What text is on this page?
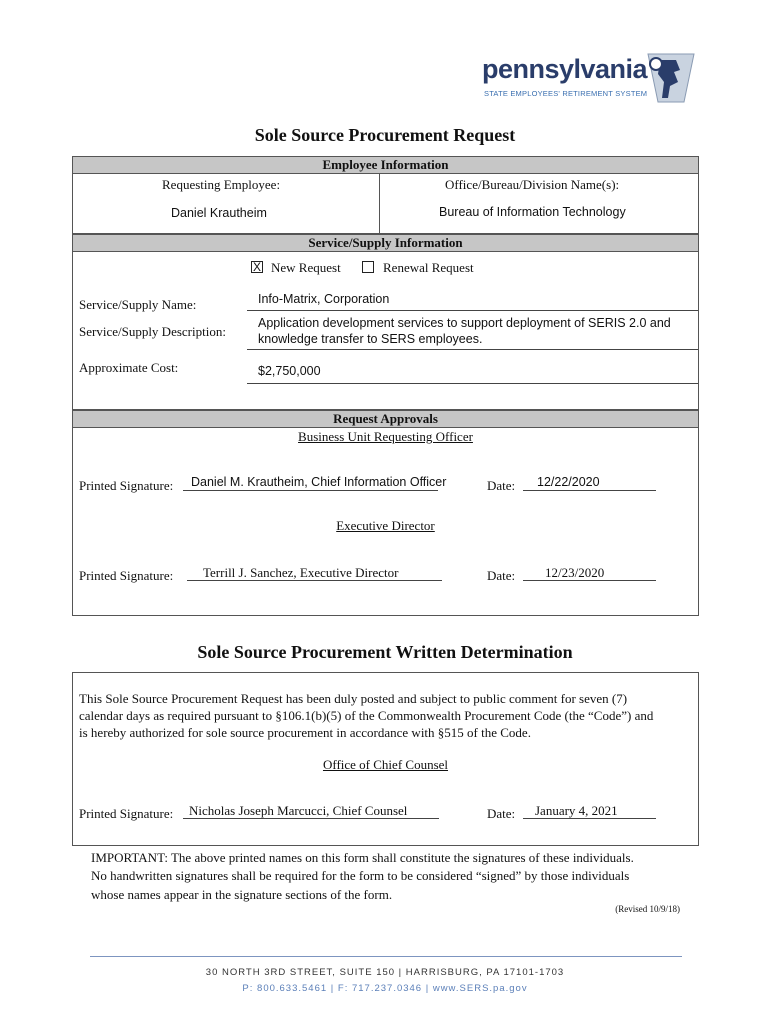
pennsylvania
STATE EMPLOYEES' RETIREMENT SYSTEM
Sole Source Procurement Request
Employee Information
Requesting Employee:	Office/Bureau/Division Name(s):
Daniel Krautheim	Bureau of Information Technology
Service/Supply Information
X New Request	Renewal Request
Service/Supply Name:	Info-Matrix, Corporation
Service/Supply Description:
Application development services to support deployment of SERIS 2.0 and
knowledge transfer to SERS employees.
Approximate Cost:	$2,750,000
Request Approvals
Business Unit Requesting Officer
Printed Signature: Daniel M. Krautheim, Chief Information Officer	Date: 12/22/2020
Executive Director
Printed Signature: Terrill J. Sanchez, Executive Director	Date: 12/23/2020
Sole Source Procurement Written Determination
This Sole Source Procurement Request has been duly posted and subject to public comment for seven (7)
calendar days as required pursuant to §106.1(b)(5) of the Commonwealth Procurement Code (the “Code”) and
is hereby authorized for sole source procurement in accordance with §515 of the Code.
Office of Chief Counsel
Printed Signature: Nicholas Joseph Marcucci, Chief Counsel	Date: January 4, 2021
IMPORTANT: The above printed names on this form shall constitute the signatures of these individuals.
No handwritten signatures shall be required for the form to be considered “signed” by those individuals
whose names appear in the signature sections of the form.
(Revised 10/9/18)
30 NORTH 3RD STREET, SUITE 150 | HARRISBURG, PA 17101-1703
P: 800.633.5461 | F: 717.237.0346 | www.SERS.pa.gov
